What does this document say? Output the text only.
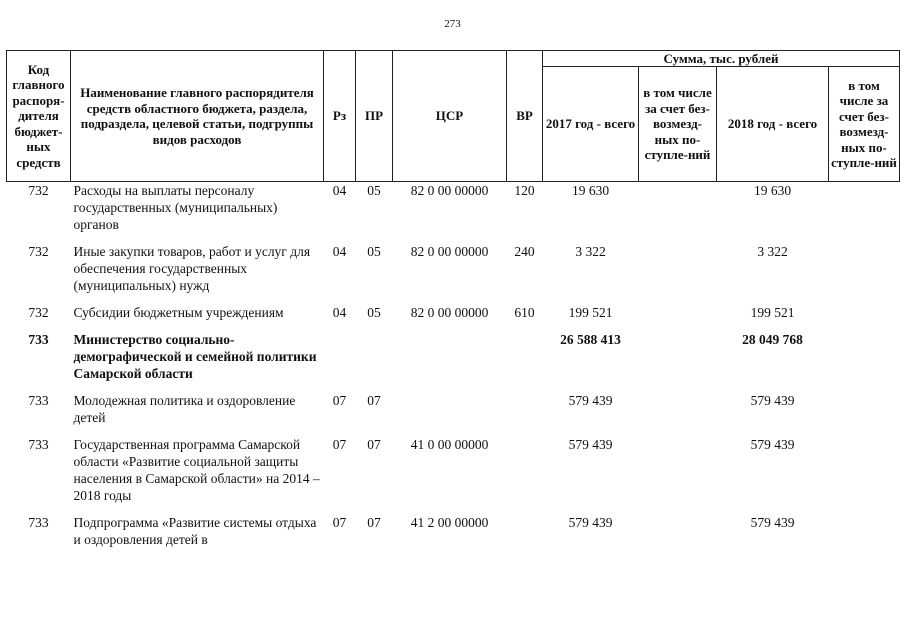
273
Код главного распоря-дителя бюджет-ных средств	Наименование главного распорядителя средств областного бюджета, раздела, подраздела, целевой статьи, подгруппы видов расходов	Рз	ПР	ЦСР	ВР	Сумма, тыс. рублей			
						2017 год - всего	в том числе за счет без-возмезд-ных по-ступле-ний	2018 год - всего	в том числе за счет без-возмезд-ных по-ступле-ний
732	Расходы на выплаты персоналу государственных (муниципальных) органов	04	05	82 0 00 00000	120	19 630		19 630	
732	Иные закупки товаров, работ и услуг для обеспечения государственных (муниципальных) нужд	04	05	82 0 00 00000	240	3 322		3 322	
732	Субсидии бюджетным учреждениям	04	05	82 0 00 00000	610	199 521		199 521	
733	Министерство социально-демографической и семейной политики Самарской области					26 588 413		28 049 768	
733	Молодежная политика и оздоровление детей	07	07			579 439		579 439	
733	Государственная программа Самарской области «Развитие социальной защиты населения в Самарской области» на 2014 – 2018 годы	07	07	41 0 00 00000		579 439		579 439	
733	Подпрограмма «Развитие системы отдыха и оздоровления детей в	07	07	41 2 00 00000		579 439		579 439	
